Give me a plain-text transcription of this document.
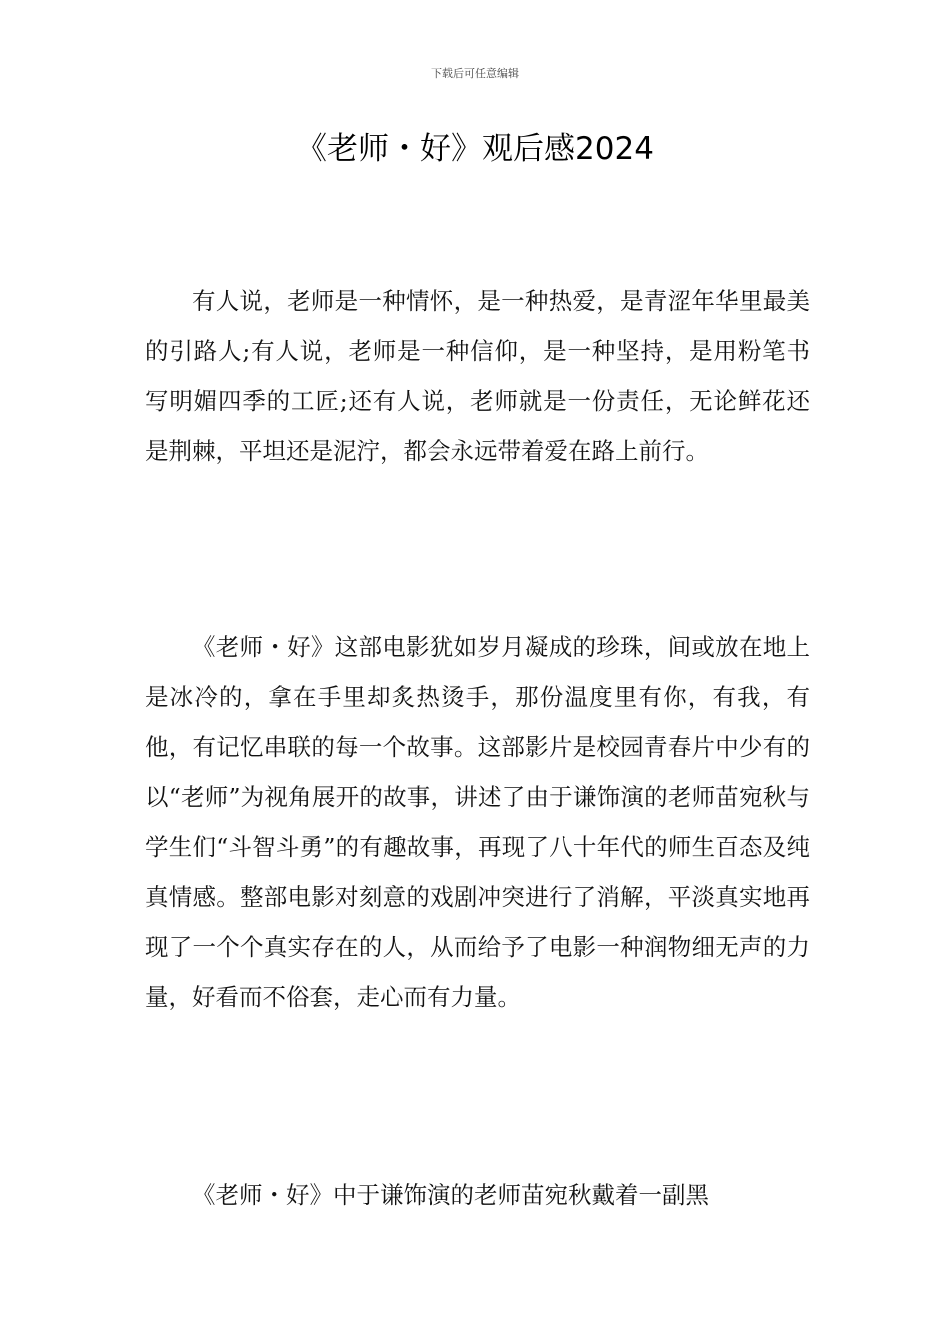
下载后可任意编辑
《老师・好》观后感2024

有人说，老师是一种情怀，是一种热爱，是青涩年华里最美的引路人;有人说，老师是一种信仰，是一种坚持，是用粉笔书写明媚四季的工匠;还有人说，老师就是一份责任，无论鲜花还是荆棘，平坦还是泥泞，都会永远带着爱在路上前行。

《老师・好》这部电影犹如岁月凝成的珍珠，间或放在地上是冰冷的，拿在手里却炙热烫手，那份温度里有你，有我，有他，有记忆串联的每一个故事。这部影片是校园青春片中少有的以“老师”为视角展开的故事，讲述了由于谦饰演的老师苗宛秋与学生们“斗智斗勇”的有趣故事，再现了八十年代的师生百态及纯真情感。整部电影对刻意的戏剧冲突进行了消解，平淡真实地再现了一个个真实存在的人，从而给予了电影一种润物细无声的力量，好看而不俗套，走心而有力量。

《老师・好》中于谦饰演的老师苗宛秋戴着一副黑
